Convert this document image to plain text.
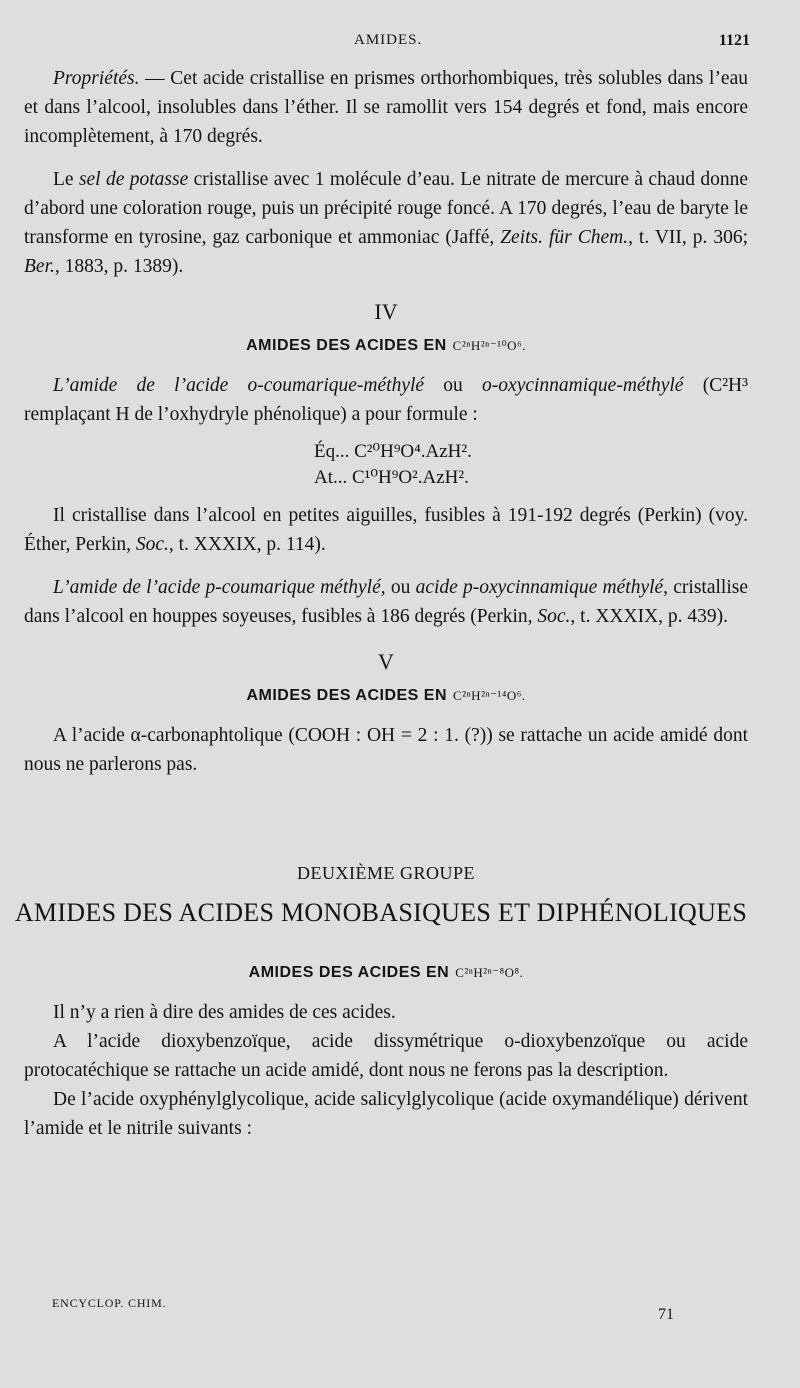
AMIDES.	1121

Propriétés. — Cet acide cristallise en prismes orthorhombiques, très solubles dans l’eau et dans l’alcool, insolubles dans l’éther. Il se ramollit vers 154 degrés et fond, mais encore incomplètement, à 170 degrés.

Le sel de potasse cristallise avec 1 molécule d’eau. Le nitrate de mercure à chaud donne d’abord une coloration rouge, puis un précipité rouge foncé. A 170 degrés, l’eau de baryte le transforme en tyrosine, gaz carbonique et ammoniac (Jaffé, Zeits. für Chem., t. VII, p. 306; Ber., 1883, p. 1389).

IV
AMIDES DES ACIDES EN C²ⁿH²ⁿ⁻¹⁰O⁶.

L’amide de l’acide o-coumarique-méthylé ou o-oxycinnamique-méthylé (C²H³ remplaçant H de l’oxhydryle phénolique) a pour formule :

Éq... C²⁰H⁹O⁴.AzH².
At... C¹⁰H⁹O².AzH².

Il cristallise dans l’alcool en petites aiguilles, fusibles à 191-192 degrés (Perkin) (voy. Éther, Perkin, Soc., t. XXXIX, p. 114).

L’amide de l’acide p-coumarique méthylé, ou acide p-oxycinnamique méthylé, cristallise dans l’alcool en houppes soyeuses, fusibles à 186 degrés (Perkin, Soc., t. XXXIX, p. 439).

V
AMIDES DES ACIDES EN C²ⁿH²ⁿ⁻¹⁴O⁶.

A l’acide α-carbonaphtolique (COOH : OH = 2 : 1. (?)) se rattache un acide amidé dont nous ne parlerons pas.

DEUXIÈME GROUPE
AMIDES DES ACIDES MONOBASIQUES ET DIPHÉNOLIQUES
AMIDES DES ACIDES EN C²ⁿH²ⁿ⁻⁸O⁸.

Il n’y a rien à dire des amides de ces acides.

A l’acide dioxybenzoïque, acide dissymétrique o-dioxybenzoïque ou acide protocatéchique se rattache un acide amidé, dont nous ne ferons pas la description.

De l’acide oxyphénylglycolique, acide salicylglycolique (acide oxymandélique) dérivent l’amide et le nitrile suivants :

ENCYCLOP. CHIM.
71
